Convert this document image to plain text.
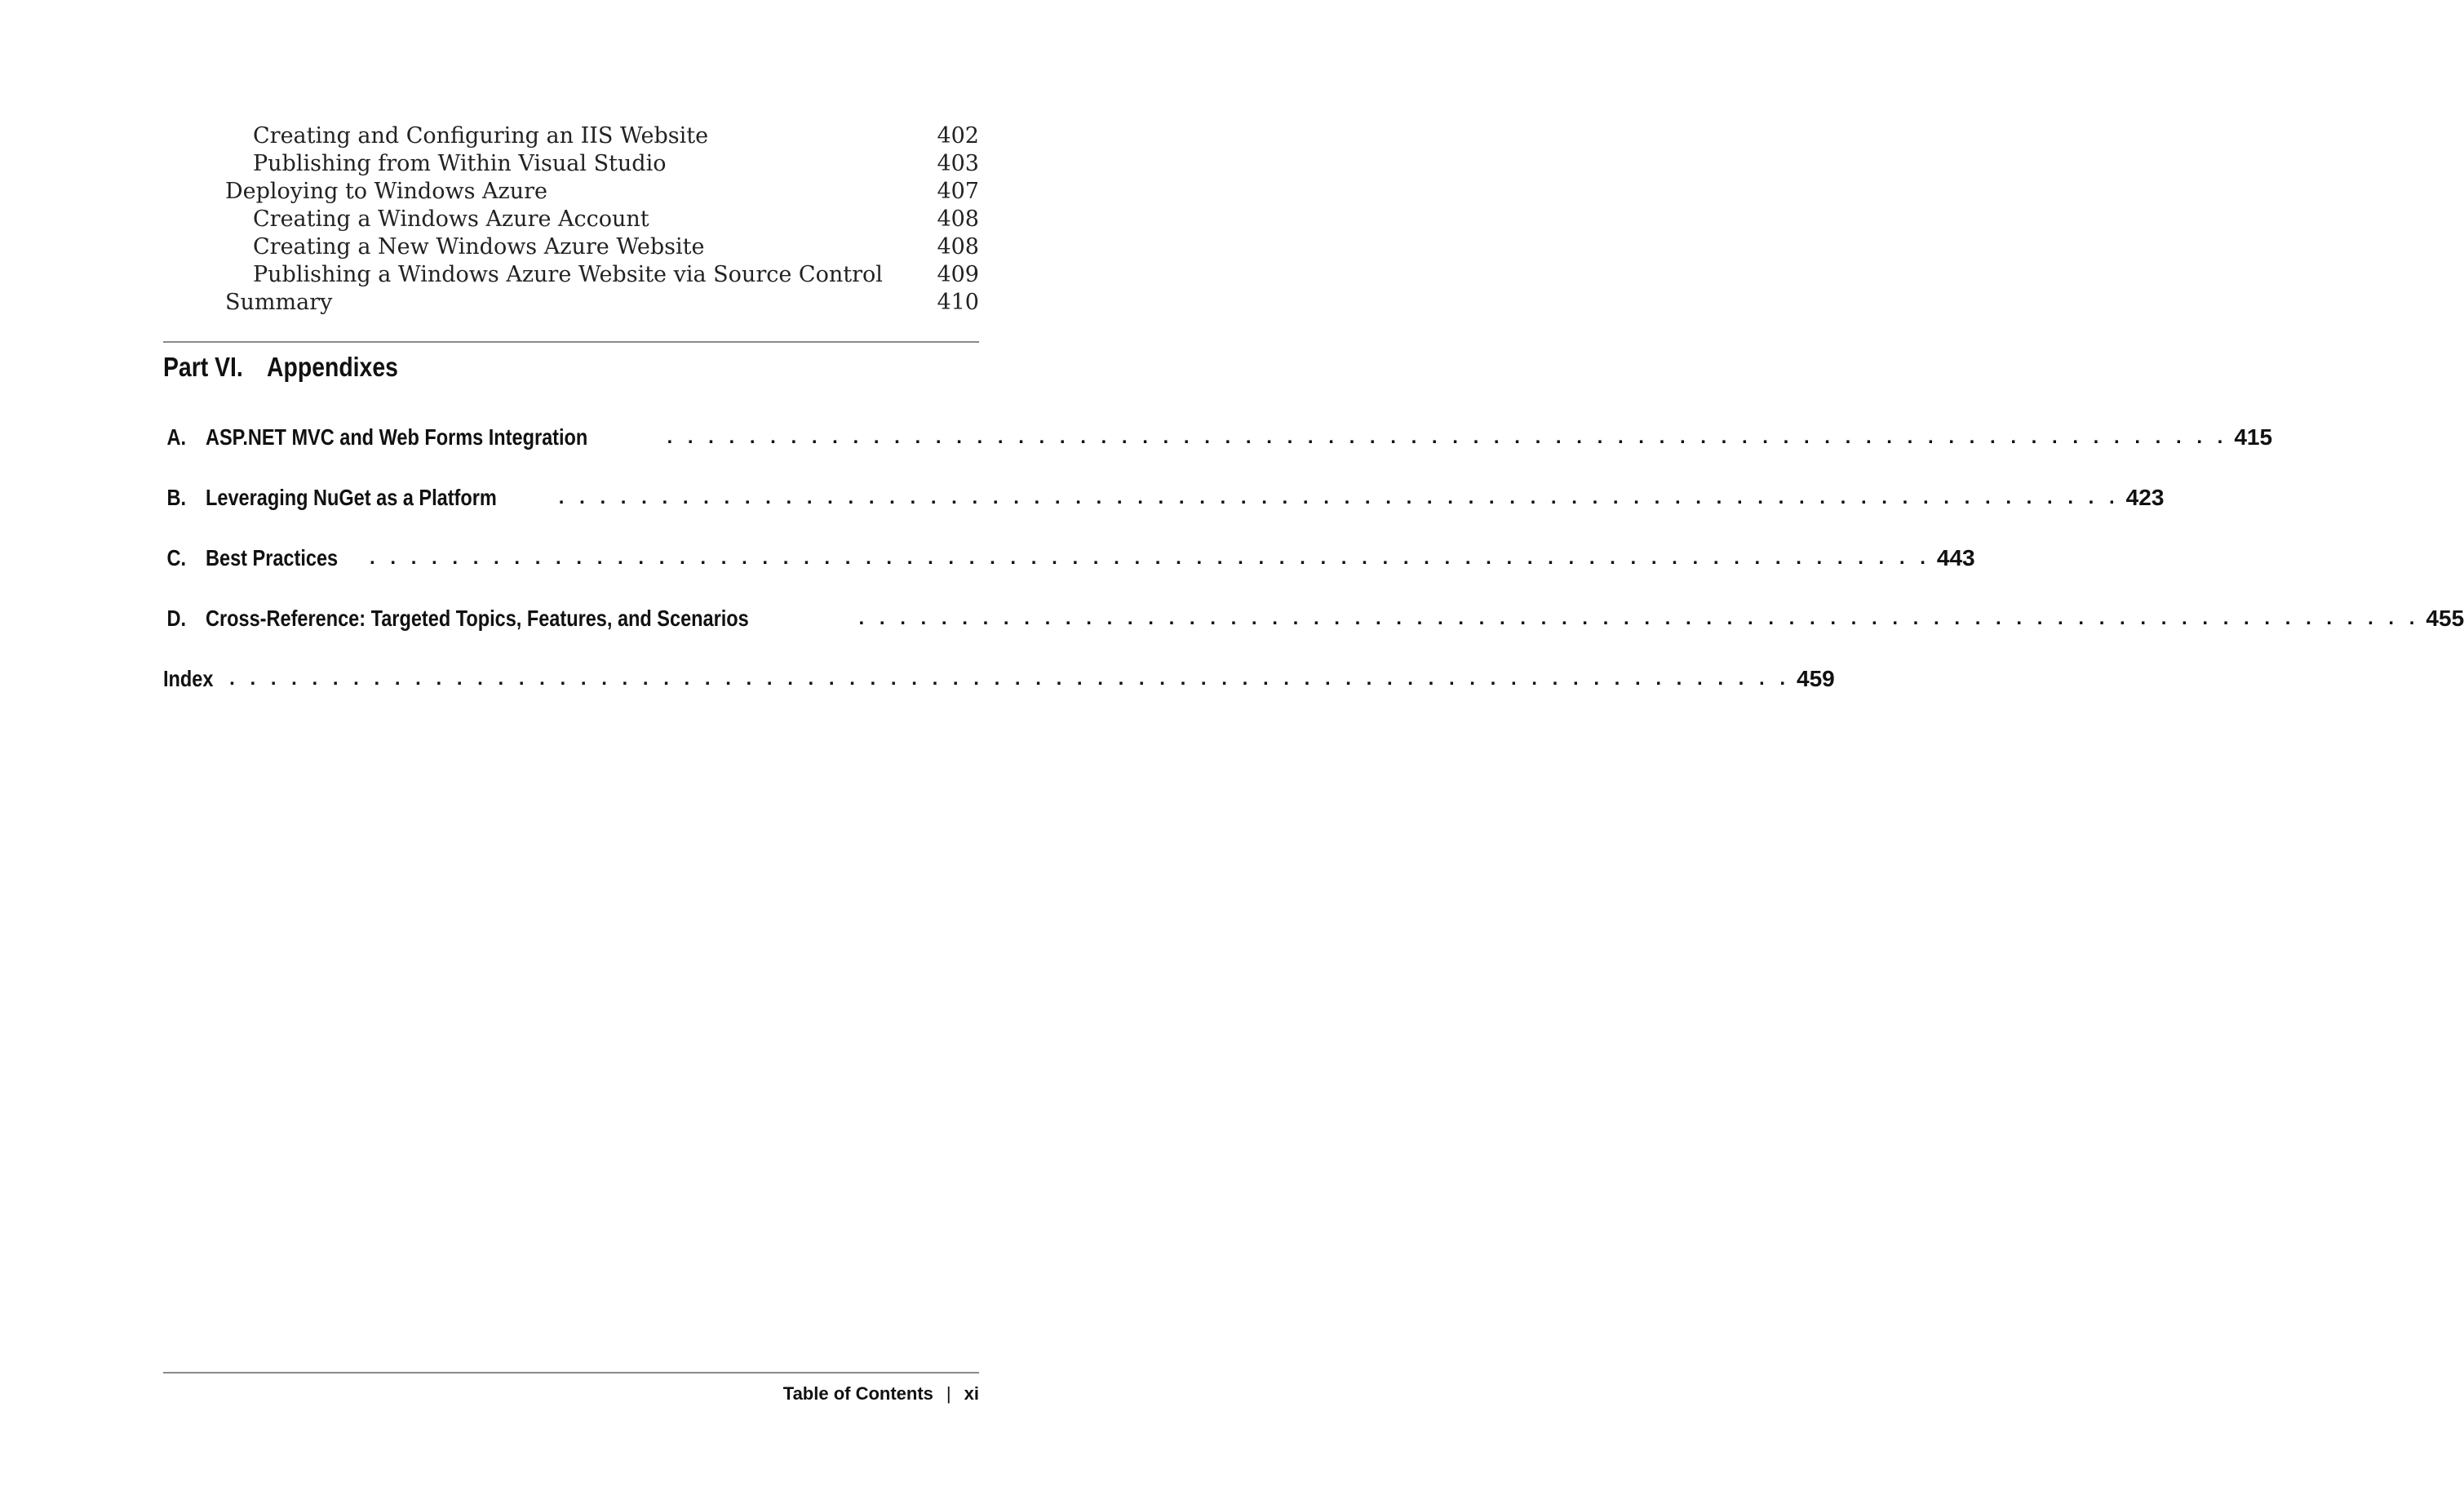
Creating and Configuring an IIS Website	402
Publishing from Within Visual Studio	403
Deploying to Windows Azure	407
Creating a Windows Azure Account	408
Creating a New Windows Azure Website	408
Publishing a Windows Azure Website via Source Control 409
Summary	410
Part VI. Appendixes
A. ASP.NET MVC and Web Forms Integration	. . . . . . . . . . . . . . . . . . . . . . . . . . . . . . . . . . . . . . . . . . . . . . . . . . . . . . . . . . . . . . . . . . . . . . . . . . . . 415
B. Leveraging NuGet as a Platform	. . . . . . . . . . . . . . . . . . . . . . . . . . . . . . . . . . . . . . . . . . . . . . . . . . . . . . . . . . . . . . . . . . . . . . . . . . . . 423
C. Best Practices . . . . . . . . . . . . . . . . . . . . . . . . . . . . . . . . . . . . . . . . . . . . . . . . . . . . . . . . . . . . . . . . . . . . . . . . . . . . 443
D. Cross-Reference: Targeted Topics, Features, and Scenarios	. . . . . . . . . . . . . . . . . . . . . . . . . . . . . . . . . . . . . . . . . . . . . . . . . . . . . . . . . . . . . . . . . . . . . . . . . . . . 455
Index . . . . . . . . . . . . . . . . . . . . . . . . . . . . . . . . . . . . . . . . . . . . . . . . . . . . . . . . . . . . . . . . . . . . . . . . . . . . 459
Table of Contents | xi
